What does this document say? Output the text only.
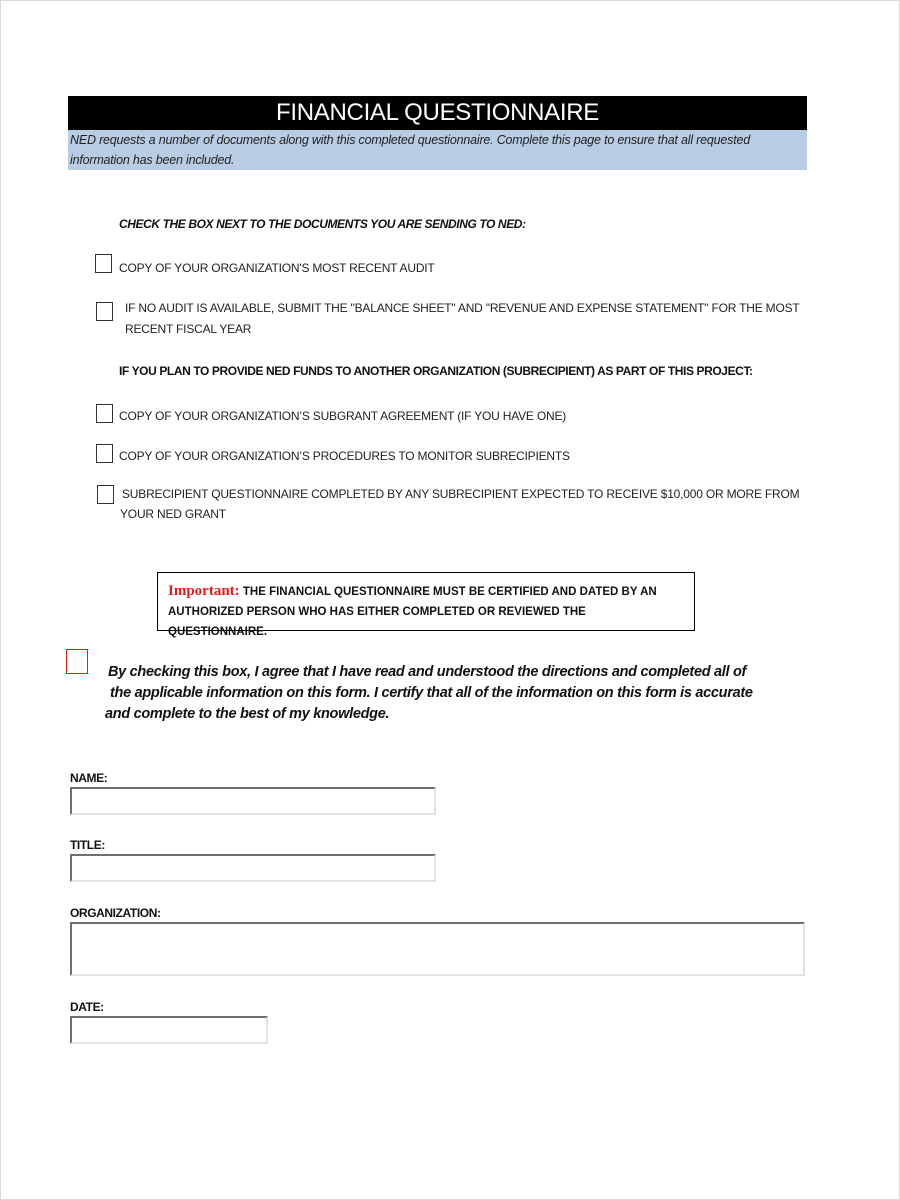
FINANCIAL QUESTIONNAIRE
NED requests a number of documents along with this completed questionnaire. Complete this page to ensure that all requested
information has been included.
CHECK THE BOX NEXT TO THE DOCUMENTS YOU ARE SENDING TO NED:
COPY OF YOUR ORGANIZATION'S MOST RECENT AUDIT
IF NO AUDIT IS AVAILABLE, SUBMIT THE "BALANCE SHEET" AND "REVENUE AND EXPENSE STATEMENT" FOR THE MOST
RECENT FISCAL YEAR
IF YOU PLAN TO PROVIDE NED FUNDS TO ANOTHER ORGANIZATION (SUBRECIPIENT) AS PART OF THIS PROJECT:
COPY OF YOUR ORGANIZATION’S SUBGRANT AGREEMENT (IF YOU HAVE ONE)
COPY OF YOUR ORGANIZATION’S PROCEDURES TO MONITOR SUBRECIPIENTS
SUBRECIPIENT QUESTIONNAIRE COMPLETED BY ANY SUBRECIPIENT EXPECTED TO RECEIVE $10,000 OR MORE FROM
YOUR NED GRANT
Important: THE FINANCIAL QUESTIONNAIRE MUST BE CERTIFIED AND DATED BY AN
AUTHORIZED PERSON WHO HAS EITHER COMPLETED OR REVIEWED THE QUESTIONNAIRE.
By checking this box, I agree that I have read and understood the directions and completed all of
the applicable information on this form. I certify that all of the information on this form is accurate
and complete to the best of my knowledge.
NAME:
TITLE:
ORGANIZATION:
DATE:
